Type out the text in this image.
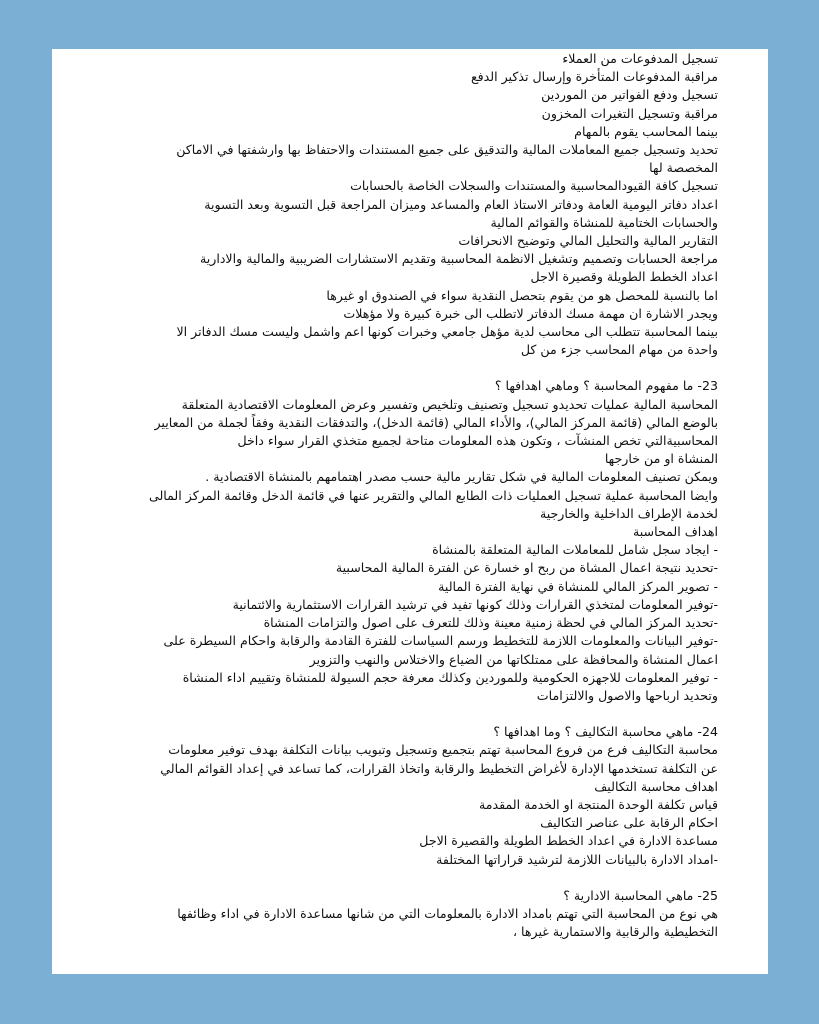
تسجيل المدفوعات من العملاء
مراقبة المدفوعات المتأخرة وإرسال تذكير الدفع
تسجيل ودفع الفواتير من الموردين
مراقبة وتسجيل التغيرات المخزون
بينما المحاسب يقوم بالمهام
تحديد وتسجيل جميع المعاملات المالية والتدقيق على جميع المستندات والاحتفاظ بها وارشفتها في الاماكن
المخصصة لها
تسجيل كافة القيودالمحاسبية والمستندات والسجلات الخاصة بالحسابات
اعداد دفاتر اليومية العامة ودفاتر الاستاذ العام والمساعد وميزان المراجعة قبل التسوية وبعد التسوية
والحسابات الختامية للمنشاة والقوائم المالية
التقارير المالية والتحليل المالي وتوضيح الانحرافات
مراجعة الحسابات وتصميم وتشغيل الانظمة المحاسبية وتقديم الاستشارات الضريبية والمالية والادارية
اعداد الخطط الطويلة وقصيرة الاجل
اما بالنسبة للمحصل هو من يقوم بتحصل النقدية سواء في الصندوق او غيرها
ويجدر الاشارة ان مهمة مسك الدفاتر لاتطلب الى خبرة كبيرة ولا مؤهلات
بينما المحاسبة تتطلب الى محاسب لدية مؤهل جامعي وخبرات كونها اعم واشمل وليست مسك الدفاتر الا
واحدة من مهام المحاسب جزء من كل
23- ما مفهوم المحاسبة ؟ وماهي اهدافها ؟
المحاسبة المالية عمليات تحديدو تسجيل وتصنيف وتلخيص وتفسير وعرض المعلومات الاقتصادية المتعلقة
بالوضع المالي (قائمة المركز المالي)، والأداء المالي (قائمة الدخل)، والتدفقات النقدية وفقاً لجملة من المعايير
المحاسبيةالتي تخص المنشآت ، وتكون هذه المعلومات متاحة لجميع متخذي القرار سواء داخل
المنشاة او من خارجها
ويمكن تصنيف المعلومات المالية في شكل تقارير مالية حسب مصدر اهتمامهم بالمنشاة الاقتصادية .
وايضا المحاسبة عملية تسجيل العمليات ذات الطابع المالي والتقرير عنها في قائمة الدخل وقائمة المركز المالى
لخدمة الإطراف الداخلية والخارجية
اهداف المحاسبة
- ايجاد سجل شامل للمعاملات المالية المتعلقة بالمنشاة
-تحديد نتيجة اعمال المشاة من ربح او خسارة عن الفترة المالية المحاسبية
- تصوير المركز المالي للمنشاة في نهاية الفترة المالية
-توفير المعلومات لمتخذي القرارات وذلك كونها تفيد في ترشيد القرارات الاستثمارية والائتمانية
-تحديد المركز المالي في لحظة زمنية معينة وذلك للتعرف على اصول والتزامات المنشاة
-توفير البيانات والمعلومات اللازمة للتخطيط ورسم السياسات للفترة القادمة والرقابة واحكام السيطرة على
اعمال المنشاة والمحافظة على ممتلكاتها من الضياع والاختلاس والنهب والتزوير
- توفير المعلومات للاجهزه الحكومية وللموردين وكذلك معرفة حجم السيولة للمنشاة وتقييم اداء المنشاة
وتحديد ارباحها والاصول والالتزامات
24- ماهي محاسبة التكاليف ؟ وما اهدافها ؟
محاسبة التكاليف فرع من فروع المحاسبة تهتم بتجميع وتسجيل وتبويب بيانات التكلفة بهدف توفير معلومات
عن التكلفة تستخدمها الإدارة لأغراض التخطيط والرقابة واتخاذ القرارات، كما تساعد في إعداد القوائم المالي
اهداف محاسبة التكاليف
قياس تكلفة الوحدة المنتجة او الخدمة المقدمة
احكام الرقابة على عناصر التكاليف
مساعدة الادارة في اعداد الخطط الطويلة والقصيرة الاجل
-امداد الادارة بالبيانات اللازمة لترشيد قراراتها المختلفة
25- ماهي المحاسبة الادارية ؟
هي نوع من المحاسبة التي تهتم بامداد الادارة بالمعلومات التي من شانها مساعدة الادارة في اداء وظائفها
التخطيطية والرقابية والاستمارية غيرها ،
